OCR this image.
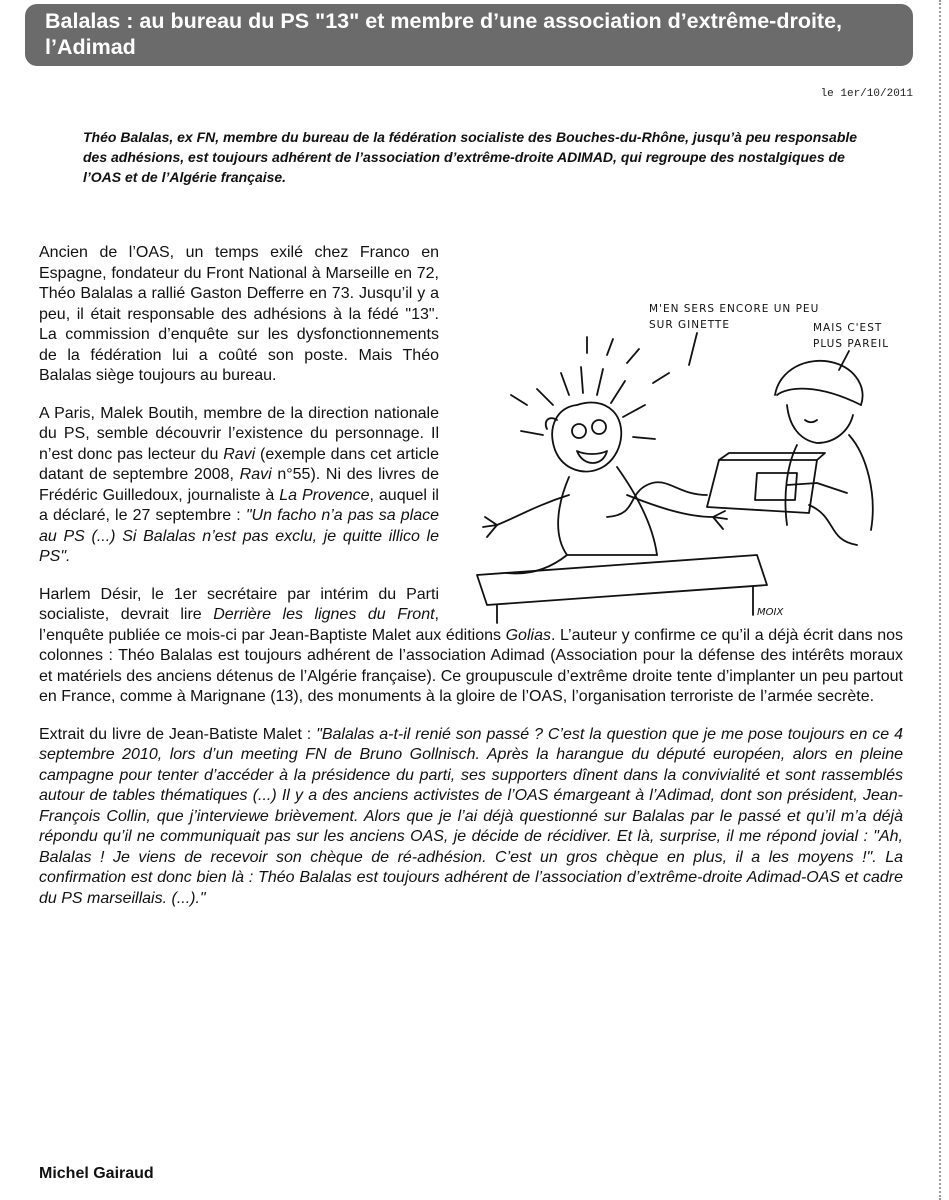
Balalas : au bureau du PS "13" et membre d’une association d’extrême-droite, l’Adimad
le 1er/10/2011
Théo Balalas, ex FN, membre du bureau de la fédération socialiste des Bouches-du-Rhône, jusqu’à peu responsable des adhésions, est toujours adhérent de l’association d’extrême-droite ADIMAD, qui regroupe des nostalgiques de l’OAS et de l’Algérie française.
M'EN SERS ENCORE UN PEU
SUR GINETTE	MAIS C'EST
PLUS PAREIL
MOIX

Ancien de l’OAS, un temps exilé chez Franco en Espagne, fondateur du Front National à Marseille en 72, Théo Balalas a rallié Gaston Defferre en 73. Jusqu’il y a peu, il était responsable des adhésions à la fédé "13". La commission d’enquête sur les dysfonctionnements de la fédération lui a coûté son poste. Mais Théo Balalas siège toujours au bureau.

A Paris, Malek Boutih, membre de la direction nationale du PS, semble découvrir l’existence du personnage. Il n’est donc pas lecteur du Ravi (exemple dans cet article datant de septembre 2008, Ravi n°55). Ni des livres de Frédéric Guilledoux, journaliste à La Provence, auquel il a déclaré, le 27 septembre : "Un facho n’a pas sa place au PS (...) Si Balalas n’est pas exclu, je quitte illico le PS".

Harlem Désir, le 1er secrétaire par intérim du Parti socialiste, devrait lire Derrière les lignes du Front, l’enquête publiée ce mois-ci par Jean-Baptiste Malet aux éditions Golias. L’auteur y confirme ce qu’il a déjà écrit dans nos colonnes : Théo Balalas est toujours adhérent de l’association Adimad (Association pour la défense des intérêts moraux et matériels des anciens détenus de l’Algérie française). Ce groupuscule d’extrême droite tente d’implanter un peu partout en France, comme à Marignane (13), des monuments à la gloire de l’OAS, l’organisation terroriste de l’armée secrète.

Extrait du livre de Jean-Batiste Malet : "Balalas a-t-il renié son passé ? C’est la question que je me pose toujours en ce 4 septembre 2010, lors d’un meeting FN de Bruno Gollnisch. Après la harangue du député européen, alors en pleine campagne pour tenter d’accéder à la présidence du parti, ses supporters dînent dans la convivialité et sont rassemblés autour de tables thématiques (...) Il y a des anciens activistes de l’OAS émargeant à l’Adimad, dont son président, Jean-François Collin, que j’interviewe brièvement. Alors que je l’ai déjà questionné sur Balalas par le passé et qu’il m’a déjà répondu qu’il ne communiquait pas sur les anciens OAS, je décide de récidiver. Et là, surprise, il me répond jovial : "Ah, Balalas ! Je viens de recevoir son chèque de ré-adhésion. C’est un gros chèque en plus, il a les moyens !". La confirmation est donc bien là : Théo Balalas est toujours adhérent de l’association d’extrême-droite Adimad-OAS et cadre du PS marseillais. (...)."

Michel Gairaud
